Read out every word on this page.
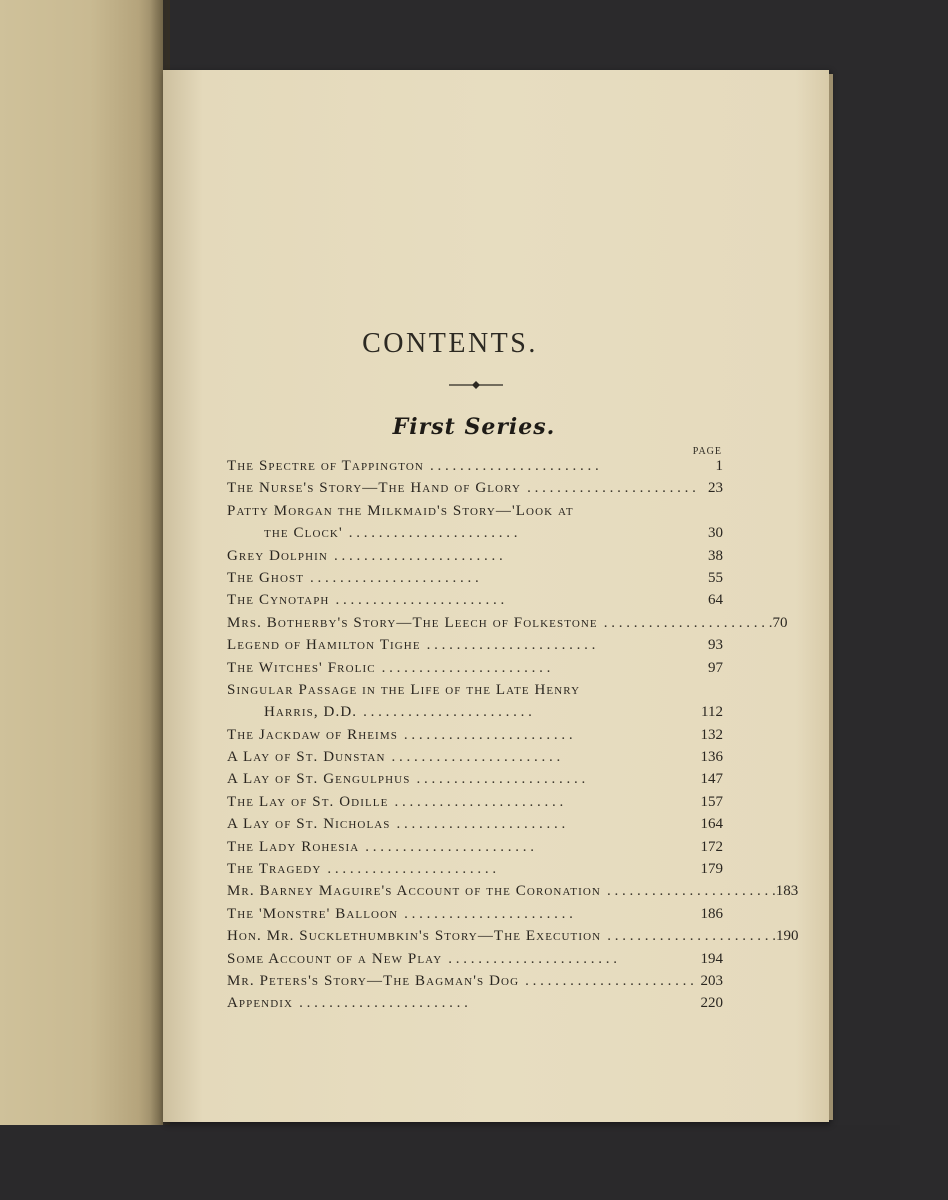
CONTENTS.
First Series.
PAGE
The Spectre of Tappington . . . . . . . . . . . . . . . . . . . . . . .	1
The Nurse's Story—The Hand of Glory . . . . . . . . . . . . . . . . . . . . . . . 23
Patty Morgan the Milkmaid's Story—'Look at
the Clock' . . . . . . . . . . . . . . . . . . . . . . .	30
Grey Dolphin . . . . . . . . . . . . . . . . . . . . . . .	38
The Ghost . . . . . . . . . . . . . . . . . . . . . . .	55
The Cynotaph . . . . . . . . . . . . . . . . . . . . . . .	64
Mrs. Botherby's Story—The Leech of Folkestone . . . . . . . . . . . . . . . . . . . . . . . 70
Legend of Hamilton Tighe . . . . . . . . . . . . . . . . . . . . . . .	93
The Witches' Frolic . . . . . . . . . . . . . . . . . . . . . . .	97
Singular Passage in the Life of the Late Henry
Harris, D.D. . . . . . . . . . . . . . . . . . . . . . . .	112
The Jackdaw of Rheims . . . . . . . . . . . . . . . . . . . . . . .	132
A Lay of St. Dunstan . . . . . . . . . . . . . . . . . . . . . . .	136
A Lay of St. Gengulphus . . . . . . . . . . . . . . . . . . . . . . .	147
The Lay of St. Odille . . . . . . . . . . . . . . . . . . . . . . .	157
A Lay of St. Nicholas . . . . . . . . . . . . . . . . . . . . . . .	164
The Lady Rohesia . . . . . . . . . . . . . . . . . . . . . . .	172
The Tragedy . . . . . . . . . . . . . . . . . . . . . . .	179
Mr. Barney Maguire's Account of the Coronation . . . . . . . . . . . . . . . . . . . . . . . 183
The 'Monstre' Balloon . . . . . . . . . . . . . . . . . . . . . . .	186
Hon. Mr. Sucklethumbkin's Story—The Execution . . . . . . . . . . . . . . . . . . . . . . . 190
Some Account of a New Play . . . . . . . . . . . . . . . . . . . . . . .	194
Mr. Peters's Story—The Bagman's Dog . . . . . . . . . . . . . . . . . . . . . . . 203
Appendix . . . . . . . . . . . . . . . . . . . . . . .	220
